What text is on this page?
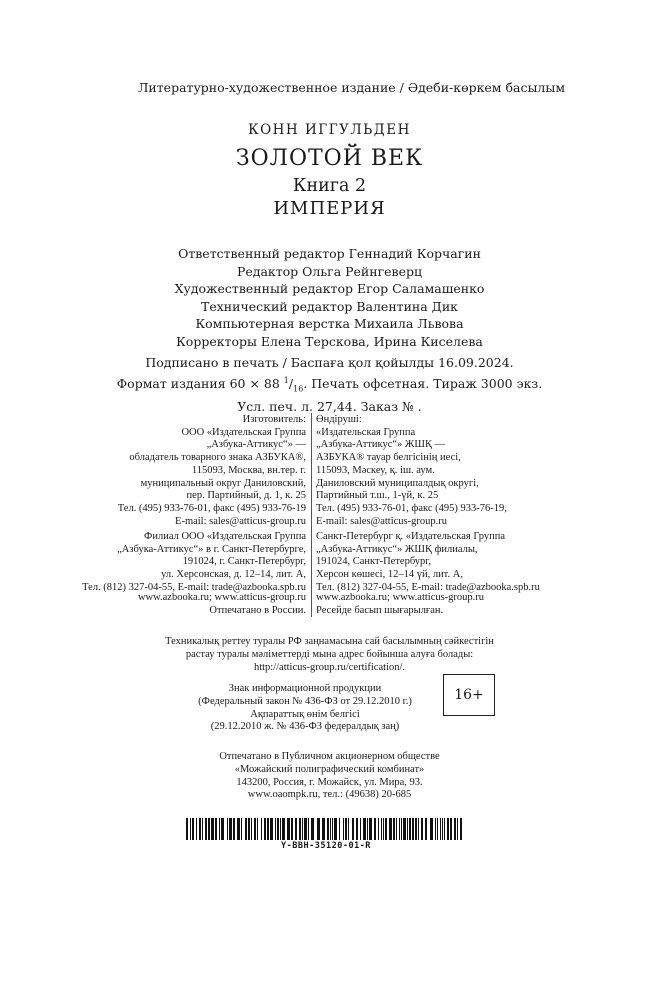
Литературно-художественное издание / Әдеби-көркем басылым
КОНН ИГГУЛЬДЕН
ЗОЛОТОЙ ВЕК
Книга 2
ИМПЕРИЯ
Ответственный редактор Геннадий Корчагин
Редактор Ольга Рейнгеверц
Художественный редактор Егор Саламашенко
Технический редактор Валентина Дик
Компьютерная верстка Михаила Львова
Корректоры Елена Терскова, Ирина Киселева
Подписано в печать / Баспаға қол қойылды 16.09.2024.
Формат издания 60 × 88 $^1/_{16}$. Печать офсетная. Тираж 3000 экз.
Усл. печ. л. 27,44. Заказ № .
Изготовитель:
ООО «Издательская Группа
„Азбука-Аттикус“» —
обладатель товарного знака АЗБУКА®,
115093, Москва, вн.тер. г.
муниципальный округ Даниловский,
пер. Партийный, д. 1, к. 25
Тел. (495) 933-76-01, факс (495) 933-76-19
E-mail: sales@atticus-group.ru
Өндіруші:
«Издательская Группа
„Азбука-Аттикус“» ЖШҚ —
АЗБУКА® тауар белгісінің иесі,
115093, Мәскеу, қ. іш. аум.
Даниловский муниципалдық округі,
Партийный т.ш., 1-үй, к. 25
Тел. (495) 933-76-01, факс (495) 933-76-19,
E-mail: sales@atticus-group.ru
Филиал ООО «Издательская Группа
„Азбука-Аттикус“» в г. Санкт-Петербурге,
191024, г. Санкт-Петербург,
ул. Херсонская, д. 12–14, лит. А,
Тел. (812) 327-04-55, E-mail: trade@azbooka.spb.ru
Санкт-Петербург қ. «Издательская Группа
„Азбука-Аттикус“» ЖШҚ филиалы,
191024, Санкт-Петербург,
Херсон көшесі, 12–14 үй, лит. А,
Тел. (812) 327-04-55, E-mail: trade@azbooka.spb.ru
www.azbooka.ru; www.atticus-group.ru
Отпечатано в России.
www.azbooka.ru; www.atticus-group.ru
Ресейде басып шығарылған.
Техникалық реттеу туралы РФ заңнамасына сай басылымның сәйкестігін
растау туралы мәліметтерді мына адрес бойынша алуға болады:
http://atticus-group.ru/certification/.
Знак информационной продукции
(Федеральный закон № 436-ФЗ от 29.12.2010 г.)
Ақпараттық өнім белгісі
(29.12.2010 ж. № 436-ФЗ федералдық заң)
16+
Отпечатано в Публичном акционерном обществе
«Можайский полиграфический комбинат»
143200, Россия, г. Можайск, ул. Мира, 93.
www.oaompk.ru, тел.: (49638) 20-685
Y-BBH-35120-01-R
